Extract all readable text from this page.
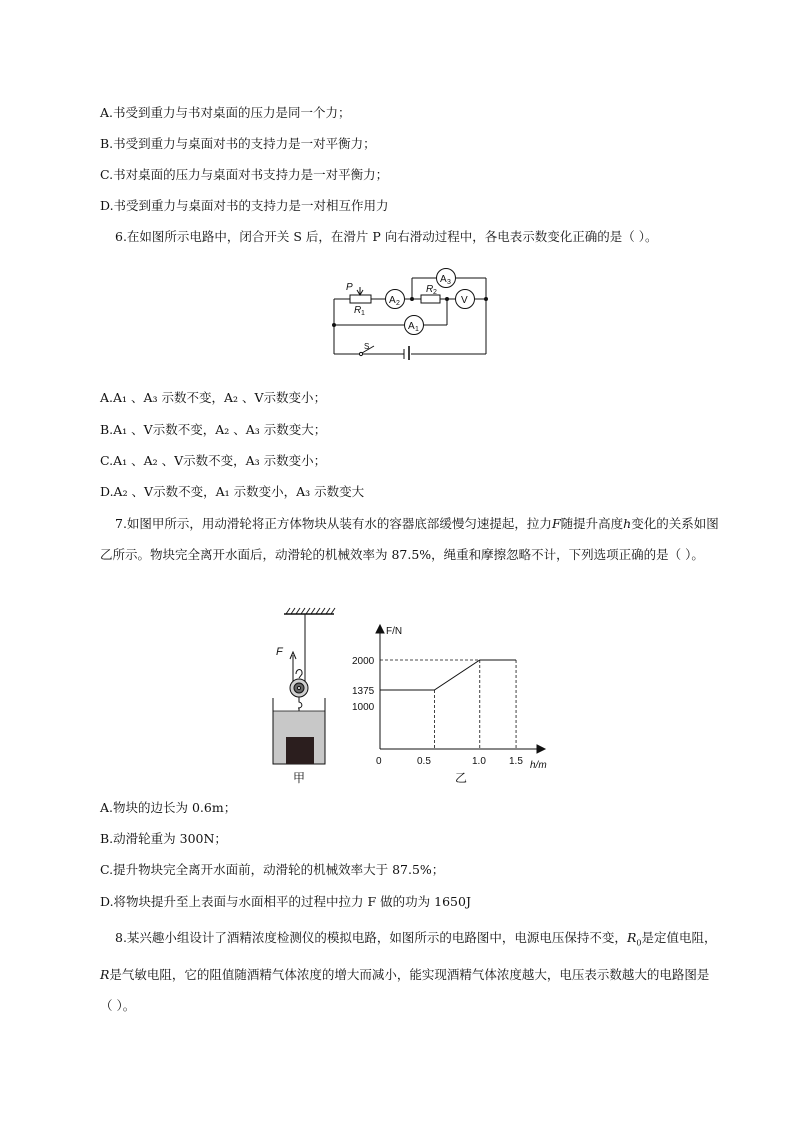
A.书受到重力与书对桌面的压力是同一个力；
B.书受到重力与桌面对书的支持力是一对平衡力；
C.书对桌面的压力与桌面对书支持力是一对平衡力；
D.书受到重力与桌面对书的支持力是一对相互作用力
6.在如图所示电路中，闭合开关 S 后，在滑片 P 向右滑动过程中，各电表示数变化正确的是（ ）。
P
R 1
R 2
S
A 2
A 3
V
A 1
A.A₁ 、A₃ 示数不变，A₂ 、V示数变小；
B.A₁ 、V示数不变，A₂ 、A₃ 示数变大；
C.A₁ 、A₂ 、V示数不变，A₃ 示数变小；
D.A₂ 、V示数不变，A₁ 示数变小，A₃ 示数变大
7.如图甲所示，用动滑轮将正方体物块从装有水的容器底部缓慢匀速提起，拉力F随提升高度h变化的关系如图乙所示。物块完全离开水面后，动滑轮的机械效率为 87.5%，绳重和摩擦忽略不计，下列选项正确的是（ ）。
F
甲
F/N
h/m
2000
1375
1000
0	0.5	1.0 1.5
乙
A.物块的边长为 0.6m；
B.动滑轮重为 300N；
C.提升物块完全离开水面前，动滑轮的机械效率大于 87.5%；
D.将物块提升至上表面与水面相平的过程中拉力 F 做的功为 1650J
8.某兴趣小组设计了酒精浓度检测仪的模拟电路，如图所示的电路图中，电源电压保持不变，$R_0$是定值电阻，R是气敏电阻，它的阻值随酒精气体浓度的增大而减小，能实现酒精气体浓度越大，电压表示数越大的电路图是（ ）。
